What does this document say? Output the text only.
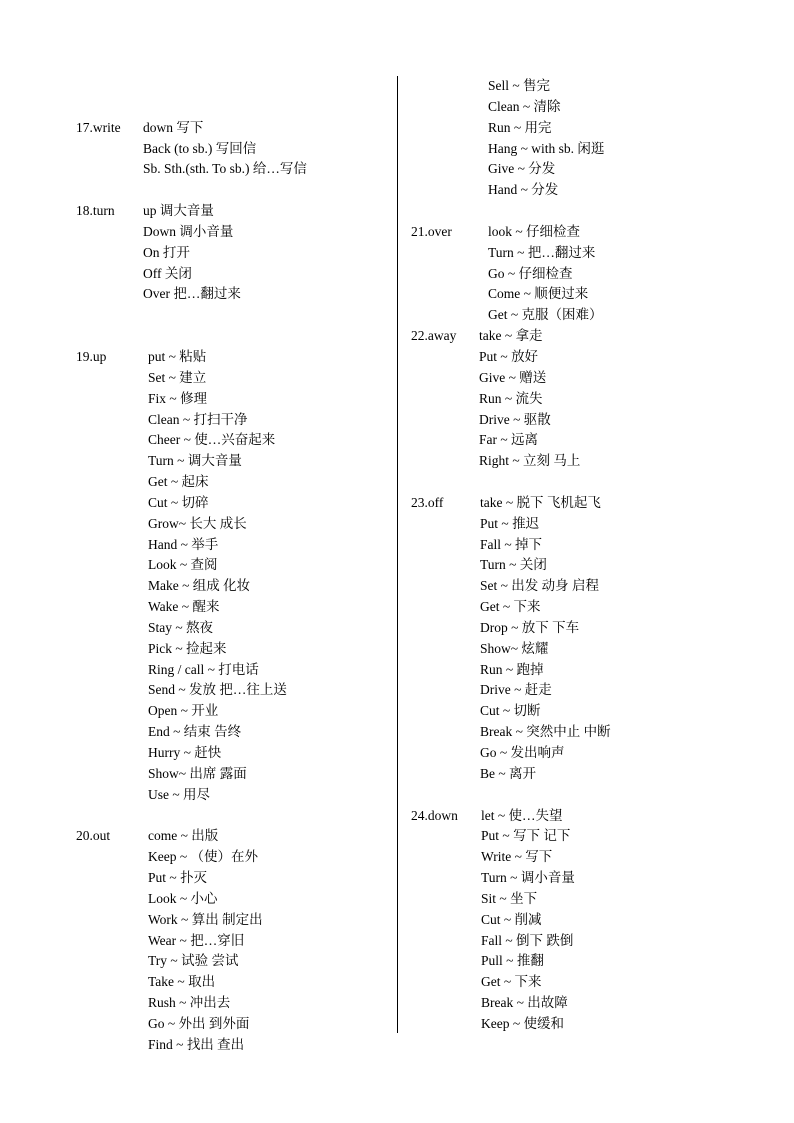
17.write	down 写下
Back (to sb.) 写回信
Sb. Sth.(sth. To sb.) 给…写信
18.turn	up 调大音量
Down 调小音量
On 打开
Off 关闭
Over 把…翻过来
19.up	put ~ 粘贴
Set ~ 建立
Fix ~ 修理
Clean ~ 打扫干净
Cheer ~ 使…兴奋起来
Turn ~ 调大音量
Get ~ 起床
Cut ~ 切碎
Grow~ 长大 成长
Hand ~ 举手
Look ~ 查阅
Make ~ 组成 化妆
Wake ~ 醒来
Stay ~ 熬夜
Pick ~ 捡起来
Ring / call ~ 打电话
Send ~ 发放 把…往上送
Open ~ 开业
End ~ 结束 告终
Hurry ~ 赶快
Show~ 出席 露面
Use ~ 用尽
20.out	come ~ 出版
Keep ~ （使）在外
Put ~ 扑灭
Look ~ 小心
Work ~ 算出 制定出
Wear ~ 把…穿旧
Try ~ 试验 尝试
Take ~ 取出
Rush ~ 冲出去
Go ~ 外出 到外面
Find ~ 找出 查出
Sell ~ 售完
Clean ~ 清除
Run ~ 用完
Hang ~ with sb. 闲逛
Give ~ 分发
Hand ~ 分发
21.over	look ~ 仔细检查
Turn ~ 把…翻过来
Go ~ 仔细检查
Come ~ 顺便过来
Get ~ 克服（困难）
22.away	take ~ 拿走
Put ~ 放好
Give ~ 赠送
Run ~ 流失
Drive ~ 驱散
Far ~ 远离
Right ~ 立刻 马上
23.off	take ~ 脱下 飞机起飞
Put ~ 推迟
Fall ~ 掉下
Turn ~ 关闭
Set ~ 出发 动身 启程
Get ~ 下来
Drop ~ 放下 下车
Show~ 炫耀
Run ~ 跑掉
Drive ~ 赶走
Cut ~ 切断
Break ~ 突然中止 中断
Go ~ 发出响声
Be ~ 离开
24.down	let ~ 使…失望
Put ~ 写下 记下
Write ~ 写下
Turn ~ 调小音量
Sit ~ 坐下
Cut ~ 削减
Fall ~ 倒下 跌倒
Pull ~ 推翻
Get ~ 下来
Break ~ 出故障
Keep ~ 使缓和
